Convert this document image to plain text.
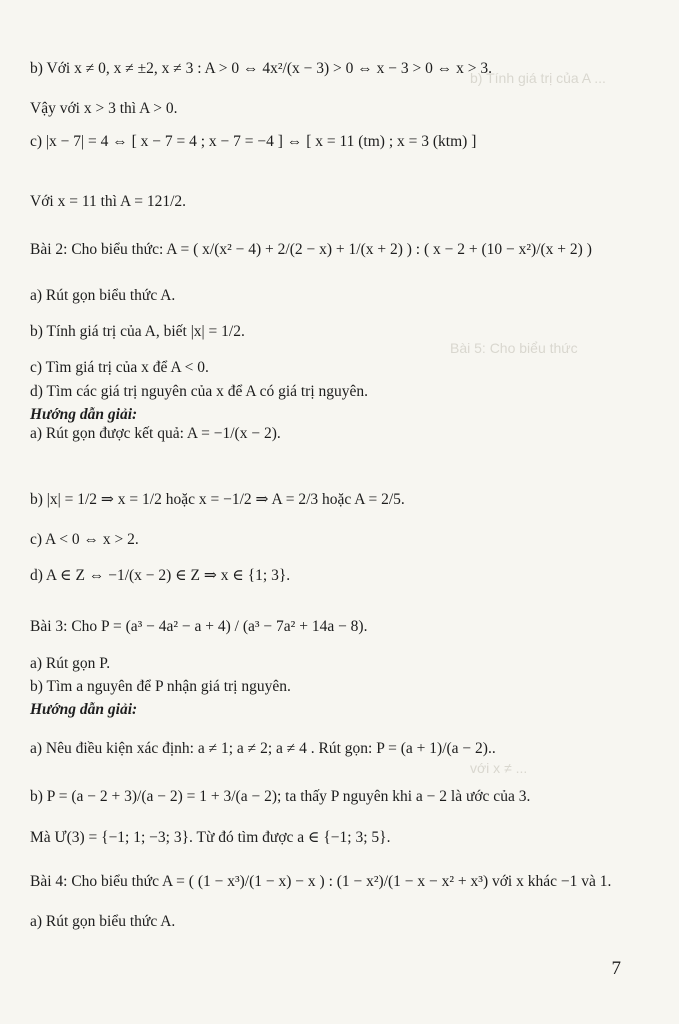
b) Tính giá trị của A ...
Bài 5: Cho biểu thức
với x ≠ ...
b) Với x ≠ 0, x ≠ ±2, x ≠ 3 : A > 0 ⇔ 4x²/(x − 3) > 0 ⇔ x − 3 > 0 ⇔ x > 3.
Vậy với x > 3 thì A > 0.
c) |x − 7| = 4 ⇔ [ x − 7 = 4 ; x − 7 = −4 ] ⇔ [ x = 11 (tm) ; x = 3 (ktm) ]
Với x = 11 thì A = 121/2.
Bài 2: Cho biểu thức: A = ( x/(x² − 4) + 2/(2 − x) + 1/(x + 2) ) : ( x − 2 + (10 − x²)/(x + 2) )
a) Rút gọn biểu thức A.
b) Tính giá trị của A, biết |x| = 1/2.
c) Tìm giá trị của x để A < 0.
d) Tìm các giá trị nguyên của x để A có giá trị nguyên.
Hướng dẫn giải:
a) Rút gọn được kết quả: A = −1/(x − 2).
b) |x| = 1/2 ⇒ x = 1/2 hoặc x = −1/2 ⇒ A = 2/3 hoặc A = 2/5.
c) A < 0 ⇔ x > 2.
d) A ∈ Z ⇔ −1/(x − 2) ∈ Z ⇒ x ∈ {1; 3}.
Bài 3: Cho P = (a³ − 4a² − a + 4) / (a³ − 7a² + 14a − 8).
a) Rút gọn P.
b) Tìm a nguyên để P nhận giá trị nguyên.
Hướng dẫn giải:
a) Nêu điều kiện xác định: a ≠ 1; a ≠ 2; a ≠ 4 . Rút gọn: P = (a + 1)/(a − 2)..
b) P = (a − 2 + 3)/(a − 2) = 1 + 3/(a − 2); ta thấy P nguyên khi a − 2 là ước của 3.
Mà Ư(3) = {−1; 1; −3; 3}. Từ đó tìm được a ∈ {−1; 3; 5}.
Bài 4: Cho biểu thức A = ( (1 − x³)/(1 − x) − x ) : (1 − x²)/(1 − x − x² + x³) với x khác −1 và 1.
a) Rút gọn biểu thức A.
7
